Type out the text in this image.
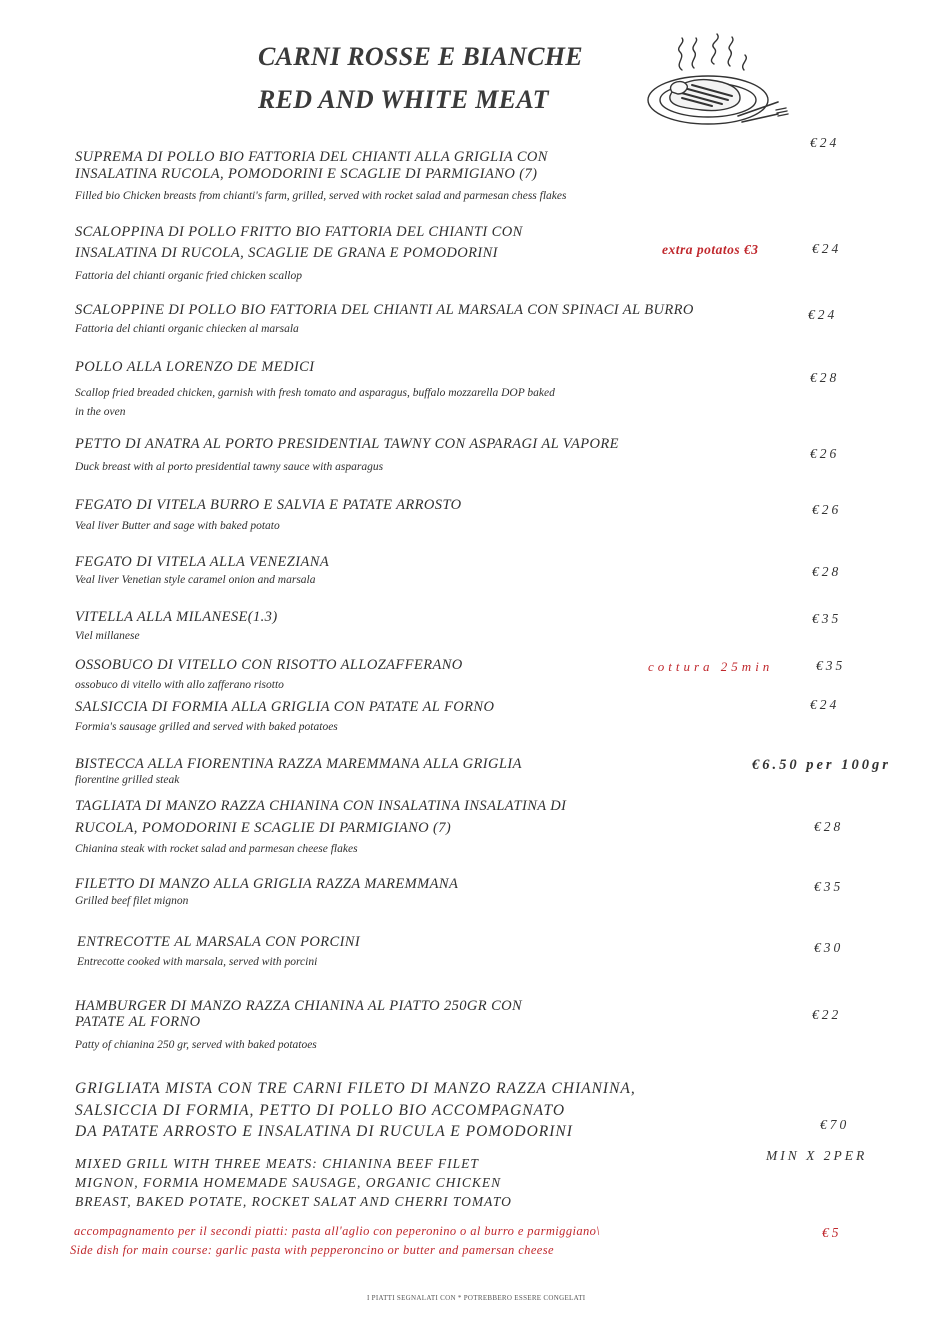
CARNI ROSSE E BIANCHE
RED AND WHITE MEAT
SUPREMA DI POLLO BIO FATTORIA DEL CHIANTI ALLA GRIGLIA CON
INSALATINA RUCOLA, POMODORINI E SCAGLIE DI PARMIGIANO (7)
Filled bio Chicken breasts from chianti's farm, grilled, served with rocket salad and parmesan chess flakes
€24
SCALOPPINA DI POLLO FRITTO BIO FATTORIA DEL CHIANTI CON
INSALATINA DI RUCOLA, SCAGLIE DE GRANA E POMODORINI
Fattoria del chianti organic fried chicken scallop
extra potatos €3	€24
SCALOPPINE DI POLLO BIO FATTORIA DEL CHIANTI AL MARSALA CON SPINACI AL BURRO
Fattoria del chianti organic chiecken al marsala
€24
POLLO ALLA LORENZO DE MEDICI
Scallop fried breaded chicken, garnish with fresh tomato and asparagus, buffalo mozzarella DOP baked
in the oven
€28
PETTO DI ANATRA AL PORTO PRESIDENTIAL TAWNY CON ASPARAGI AL VAPORE
Duck breast with al porto presidential tawny sauce with asparagus
€26
FEGATO DI VITELA BURRO E SALVIA E PATATE ARROSTO
Veal liver Butter and sage with baked potato
€26
FEGATO DI VITELA ALLA VENEZIANA
Veal liver Venetian style caramel onion and marsala
€28
VITELLA ALLA MILANESE(1.3)
Viel millanese
€35
OSSOBUCO DI VITELLO CON RISOTTO ALLOZAFFERANO
ossobuco di vitello with allo zafferano risotto
cottura 25min	€35
SALSICCIA DI FORMIA ALLA GRIGLIA CON PATATE AL FORNO
Formia's sausage grilled and served with baked potatoes
€24
BISTECCA ALLA FIORENTINA RAZZA MAREMMANA ALLA GRIGLIA
fiorentine grilled steak
€6.50 per 100gr
TAGLIATA DI MANZO RAZZA CHIANINA CON INSALATINA INSALATINA DI
RUCOLA, POMODORINI E SCAGLIE DI PARMIGIANO (7)
Chianina steak with rocket salad and parmesan cheese flakes
€28
FILETTO DI MANZO ALLA GRIGLIA RAZZA MAREMMANA
Grilled beef filet mignon
€35
ENTRECOTTE AL MARSALA CON PORCINI
Entrecotte cooked with marsala, served with porcini
€30
HAMBURGER DI MANZO RAZZA CHIANINA AL PIATTO 250GR CON
PATATE AL FORNO
Patty of chianina 250 gr, served with baked potatoes
€22
GRIGLIATA MISTA CON TRE CARNI FILETO DI MANZO RAZZA CHIANINA,
SALSICCIA DI FORMIA, PETTO DI POLLO BIO ACCOMPAGNATO
DA PATATE ARROSTO E INSALATINA DI RUCULA E POMODORINI
MIXED GRILL WITH THREE MEATS: CHIANINA BEEF FILET
MIGNON, FORMIA HOMEMADE SAUSAGE, ORGANIC CHICKEN
BREAST, BAKED POTATE, ROCKET SALAT AND CHERRI TOMATO
€70
MIN X 2PER
accompagnamento per il secondi piatti: pasta all'aglio con peperonino o al burro e parmiggiano\
Side dish for main course: garlic pasta with pepperoncino or butter and pamersan cheese
€5
I PIATTI SEGNALATI CON * POTREBBERO ESSERE CONGELATI
